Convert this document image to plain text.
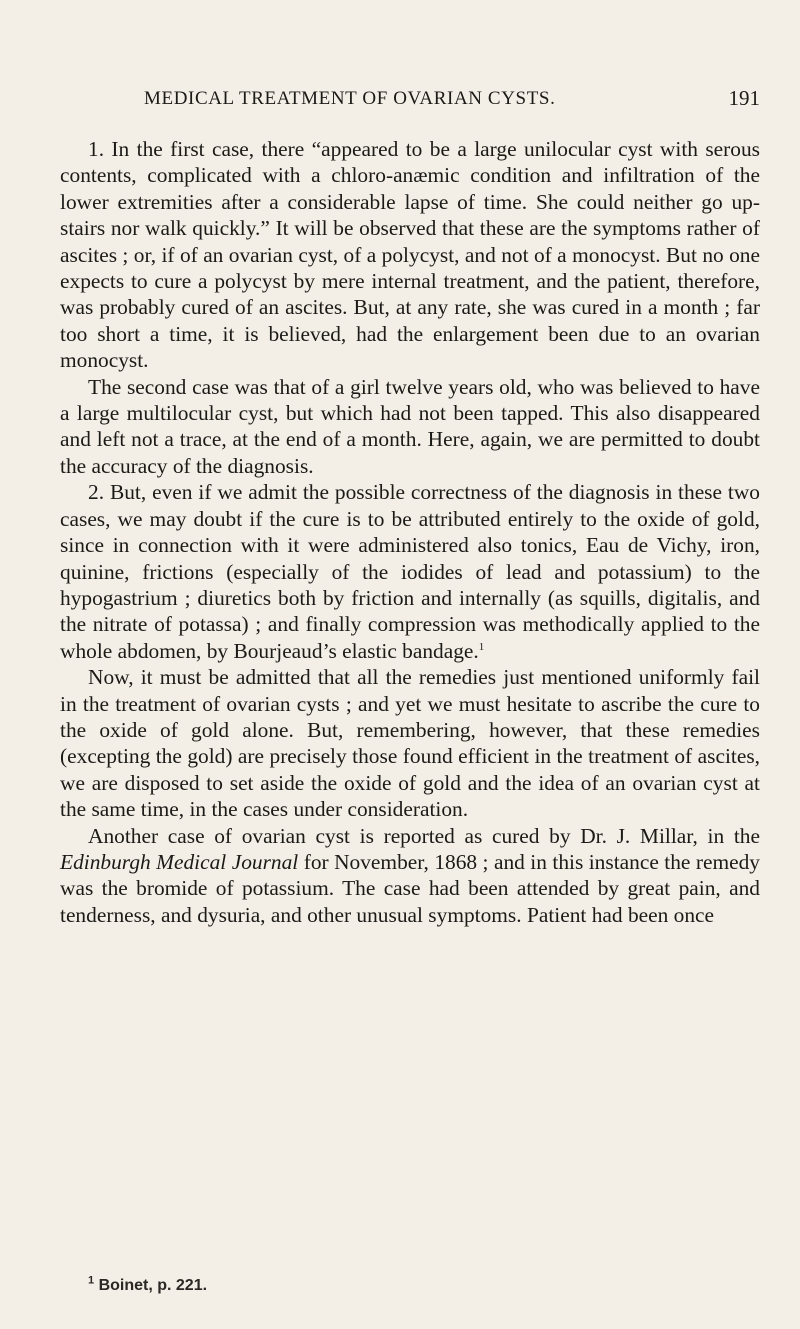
MEDICAL TREATMENT OF OVARIAN CYSTS.	191

1. In the first case, there “appeared to be a large unilocular cyst with serous contents, complicated with a chloro-anæmic condition and infiltration of the lower extremities after a considerable lapse of time. She could neither go up-stairs nor walk quickly.” It will be observed that these are the symptoms rather of ascites ; or, if of an ovarian cyst, of a polycyst, and not of a monocyst. But no one expects to cure a polycyst by mere internal treatment, and the patient, therefore, was probably cured of an ascites. But, at any rate, she was cured in a month ; far too short a time, it is believed, had the enlargement been due to an ovarian monocyst.

The second case was that of a girl twelve years old, who was believed to have a large multilocular cyst, but which had not been tapped. This also disappeared and left not a trace, at the end of a month. Here, again, we are permitted to doubt the accuracy of the diagnosis.

2. But, even if we admit the possible correctness of the diagnosis in these two cases, we may doubt if the cure is to be attributed entirely to the oxide of gold, since in connection with it were administered also tonics, Eau de Vichy, iron, quinine, frictions (especially of the iodides of lead and potassium) to the hypogastrium ; diuretics both by friction and internally (as squills, digitalis, and the nitrate of potassa) ; and finally compression was methodically applied to the whole abdomen, by Bourjeaud’s elastic bandage.$^1$

Now, it must be admitted that all the remedies just mentioned uniformly fail in the treatment of ovarian cysts ; and yet we must hesitate to ascribe the cure to the oxide of gold alone. But, remembering, however, that these remedies (excepting the gold) are precisely those found efficient in the treatment of ascites, we are disposed to set aside the oxide of gold and the idea of an ovarian cyst at the same time, in the cases under consideration.

Another case of ovarian cyst is reported as cured by Dr. J. Millar, in the Edinburgh Medical Journal for November, 1868 ; and in this instance the remedy was the bromide of potassium. The case had been attended by great pain, and tenderness, and dysuria, and other unusual symptoms. Patient had been once

$^1$ Boinet, p. 221.
